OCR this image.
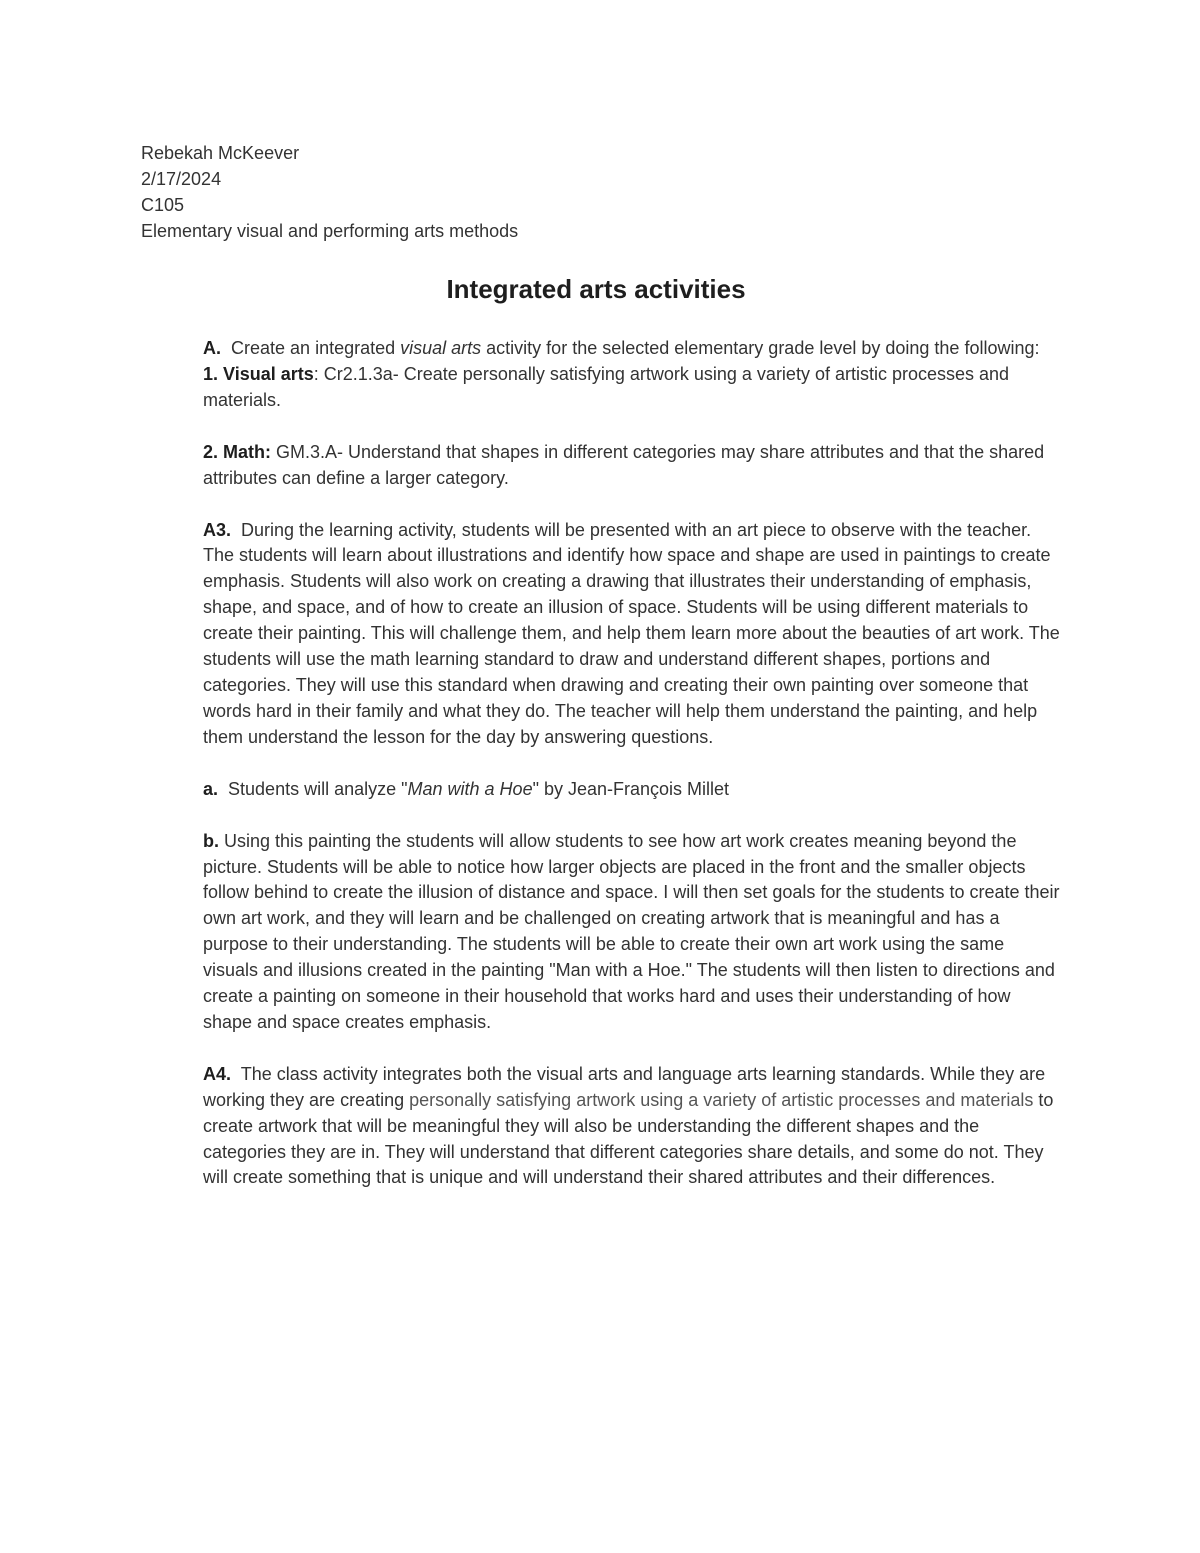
Rebekah McKeever
2/17/2024
C105
Elementary visual and performing arts methods
Integrated arts activities

A. Create an integrated visual arts activity for the selected elementary grade level by doing the following:

1. Visual arts: Cr2.1.3a- Create personally satisfying artwork using a variety of artistic processes and materials.

2. Math: GM.3.A- Understand that shapes in different categories may share attributes and that the shared attributes can define a larger category.

A3. During the learning activity, students will be presented with an art piece to observe with the teacher. The students will learn about illustrations and identify how space and shape are used in paintings to create emphasis. Students will also work on creating a drawing that illustrates their understanding of emphasis, shape, and space, and of how to create an illusion of space. Students will be using different materials to create their painting. This will challenge them, and help them learn more about the beauties of art work. The students will use the math learning standard to draw and understand different shapes, portions and categories. They will use this standard when drawing and creating their own painting over someone that words hard in their family and what they do. The teacher will help them understand the painting, and help them understand the lesson for the day by answering questions.

a. Students will analyze "Man with a Hoe" by Jean-François Millet

b. Using this painting the students will allow students to see how art work creates meaning beyond the picture. Students will be able to notice how larger objects are placed in the front and the smaller objects follow behind to create the illusion of distance and space. I will then set goals for the students to create their own art work, and they will learn and be challenged on creating artwork that is meaningful and has a purpose to their understanding. The students will be able to create their own art work using the same visuals and illusions created in the painting "Man with a Hoe." The students will then listen to directions and create a painting on someone in their household that works hard and uses their understanding of how shape and space creates emphasis.

A4. The class activity integrates both the visual arts and language arts learning standards. While they are working they are creating personally satisfying artwork using a variety of artistic processes and materials to create artwork that will be meaningful they will also be understanding the different shapes and the categories they are in. They will understand that different categories share details, and some do not. They will create something that is unique and will understand their shared attributes and their differences.
